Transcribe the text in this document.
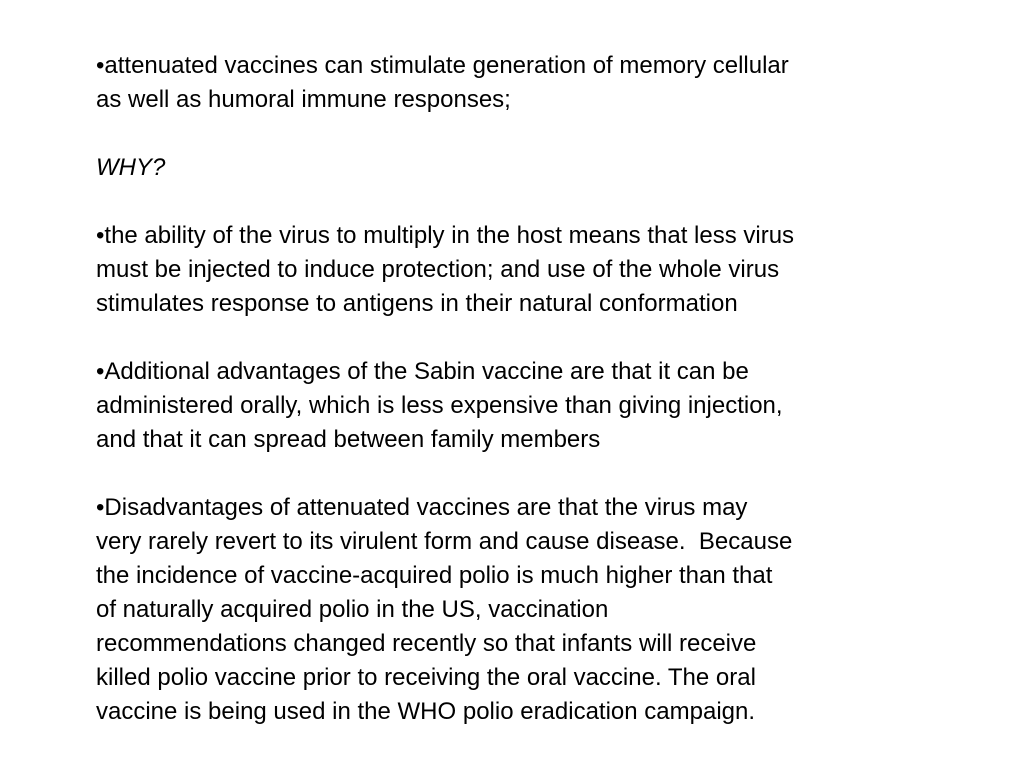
•attenuated vaccines can stimulate generation of memory cellular
as well as humoral immune responses;

WHY?

•the ability of the virus to multiply in the host means that less virus
must be injected to induce protection; and use of the whole virus
stimulates response to antigens in their natural conformation

•Additional advantages of the Sabin vaccine are that it can be
administered orally, which is less expensive than giving injection,
and that it can spread between family members

•Disadvantages of attenuated vaccines are that the virus may
very rarely revert to its virulent form and cause disease.  Because
the incidence of vaccine-acquired polio is much higher than that
of naturally acquired polio in the US, vaccination
recommendations changed recently so that infants will receive
killed polio vaccine prior to receiving the oral vaccine. The oral
vaccine is being used in the WHO polio eradication campaign.
